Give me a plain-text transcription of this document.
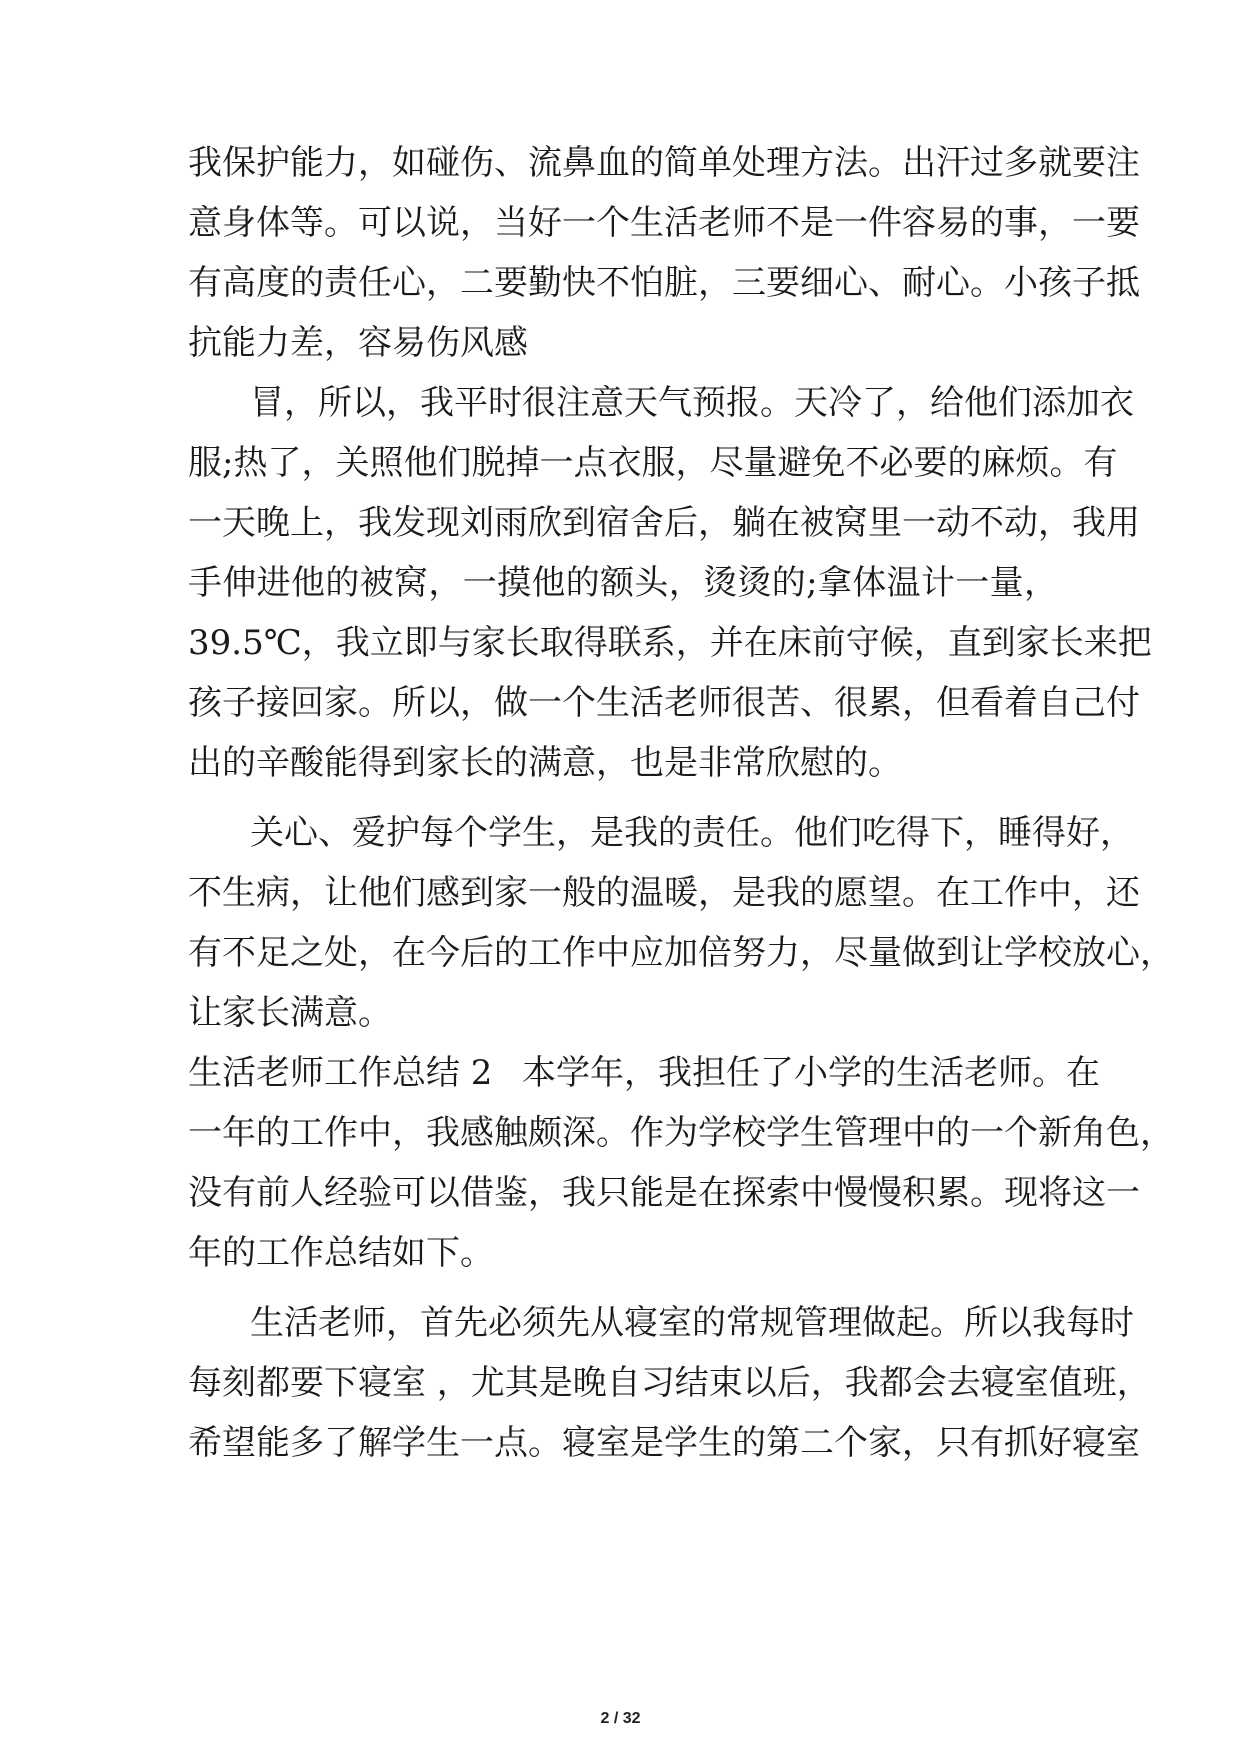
我保护能力，如碰伤、流鼻血的简单处理方法。出汗过多就要注
意身体等。可以说，当好一个生活老师不是一件容易的事，一要
有高度的责任心，二要勤快不怕脏，三要细心、耐心。小孩子抵
抗能力差，容易伤风感
冒，所以，我平时很注意天气预报。天冷了，给他们添加衣
服;热了，关照他们脱掉一点衣服，尽量避免不必要的麻烦。有
一天晚上，我发现刘雨欣到宿舍后，躺在被窝里一动不动，我用
手伸进他的被窝，一摸他的额头，烫烫的;拿体温计一量，
39.5℃，我立即与家长取得联系，并在床前守候，直到家长来把
孩子接回家。所以，做一个生活老师很苦、很累，但看着自己付
出的辛酸能得到家长的满意，也是非常欣慰的。
关心、爱护每个学生，是我的责任。他们吃得下，睡得好，
不生病，让他们感到家一般的温暖，是我的愿望。在工作中，还
有不足之处，在今后的工作中应加倍努力，尽量做到让学校放心，
让家长满意。
生活老师工作总结 2 本学年，我担任了小学的生活老师。在
一年的工作中，我感触颇深。作为学校学生管理中的一个新角色，
没有前人经验可以借鉴，我只能是在探索中慢慢积累。现将这一
年的工作总结如下。
生活老师，首先必须先从寝室的常规管理做起。所以我每时
每刻都要下寝室 ，尤其是晚自习结束以后，我都会去寝室值班，
希望能多了解学生一点。寝室是学生的第二个家，只有抓好寝室
2 / 32
